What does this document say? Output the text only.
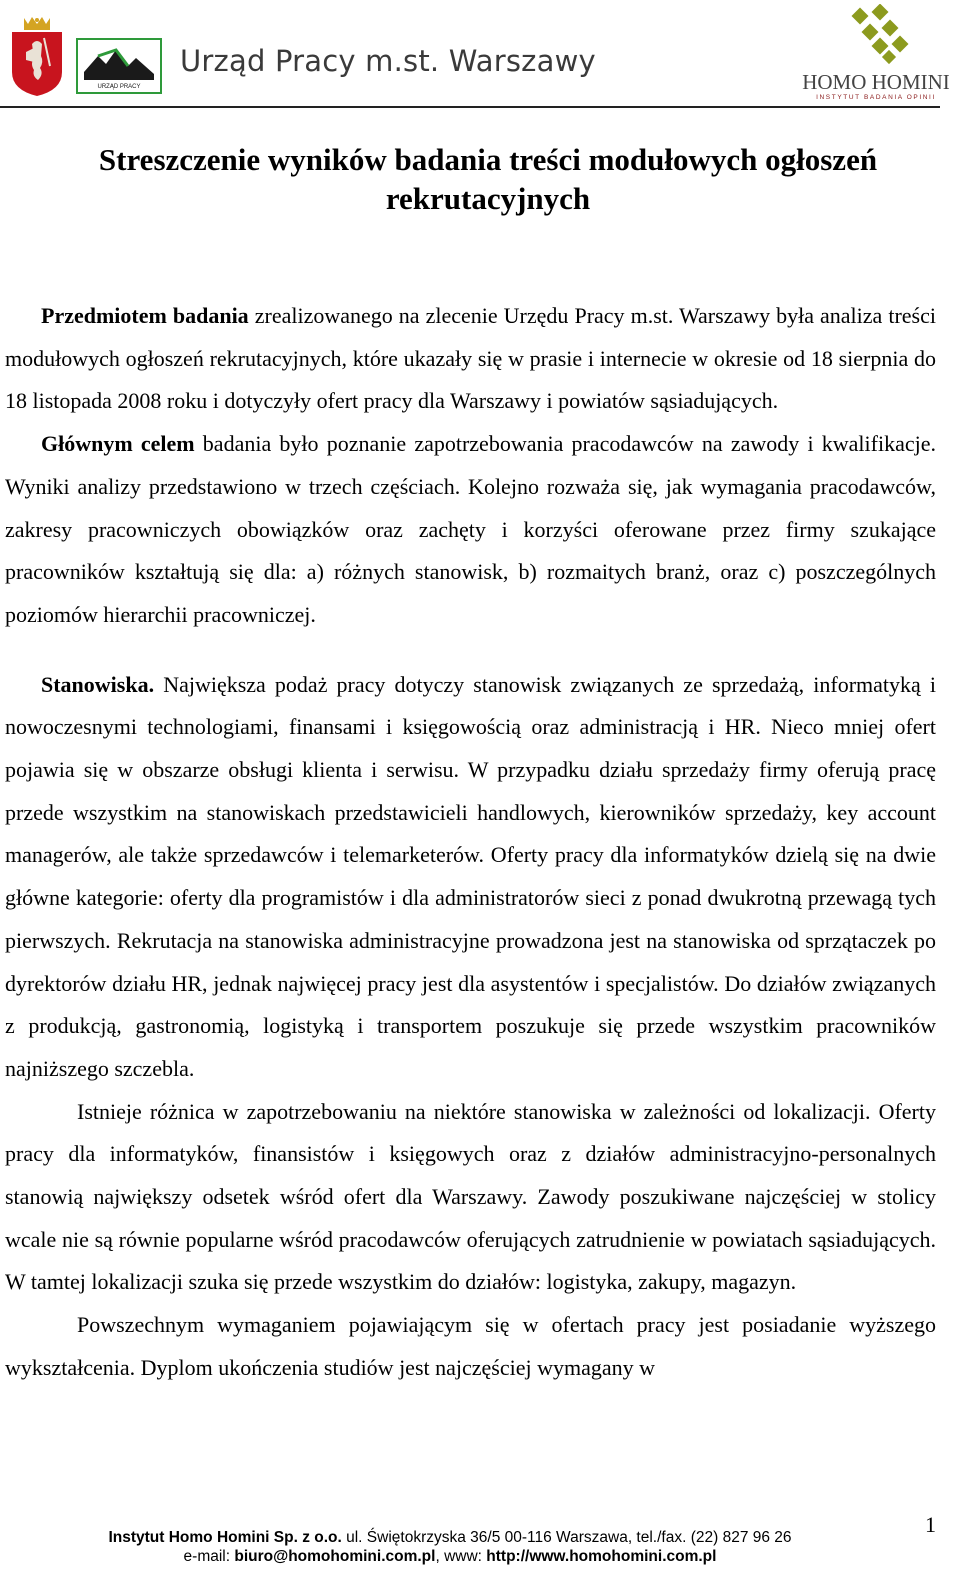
URZĄD PRACY
Urząd Pracy m.st. Warszawy
HOMO HOMINI
INSTYTUT BADANIA OPINII
Streszczenie wyników badania treści modułowych ogłoszeń
rekrutacyjnych

Przedmiotem badania zrealizowanego na zlecenie Urzędu Pracy m.st. Warszawy była analiza treści modułowych ogłoszeń rekrutacyjnych, które ukazały się w prasie i internecie w okresie od 18 sierpnia do 18 listopada 2008 roku i dotyczyły ofert pracy dla Warszawy i powiatów sąsiadujących.

Głównym celem badania było poznanie zapotrzebowania pracodawców na zawody i kwalifikacje. Wyniki analizy przedstawiono w trzech częściach. Kolejno rozważa się, jak wymagania pracodawców, zakresy pracowniczych obowiązków oraz zachęty i korzyści oferowane przez firmy szukające pracowników kształtują się dla: a) różnych stanowisk, b) rozmaitych branż, oraz c) poszczególnych poziomów hierarchii pracowniczej.

Stanowiska. Największa podaż pracy dotyczy stanowisk związanych ze sprzedażą, informatyką i nowoczesnymi technologiami, finansami i księgowością oraz administracją i HR. Nieco mniej ofert pojawia się w obszarze obsługi klienta i serwisu. W przypadku działu sprzedaży firmy oferują pracę przede wszystkim na stanowiskach przedstawicieli handlowych, kierowników sprzedaży, key account managerów, ale także sprzedawców i telemarketerów. Oferty pracy dla informatyków dzielą się na dwie główne kategorie: oferty dla programistów i dla administratorów sieci z ponad dwukrotną przewagą tych pierwszych. Rekrutacja na stanowiska administracyjne prowadzona jest na stanowiska od sprzątaczek po dyrektorów działu HR, jednak najwięcej pracy jest dla asystentów i specjalistów. Do działów związanych z produkcją, gastronomią, logistyką i transportem poszukuje się przede wszystkim pracowników najniższego szczebla.

Istnieje różnica w zapotrzebowaniu na niektóre stanowiska w zależności od lokalizacji. Oferty pracy dla informatyków, finansistów i księgowych oraz z działów administracyjno-personalnych stanowią największy odsetek wśród ofert dla Warszawy. Zawody poszukiwane najczęściej w stolicy wcale nie są równie popularne wśród pracodawców oferujących zatrudnienie w powiatach sąsiadujących. W tamtej lokalizacji szuka się przede wszystkim do działów: logistyka, zakupy, magazyn.

Powszechnym wymaganiem pojawiającym się w ofertach pracy jest posiadanie wyższego wykształcenia. Dyplom ukończenia studiów jest najczęściej wymagany w

1
Instytut Homo Homini Sp. z o.o. ul. Świętokrzyska 36/5 00-116 Warszawa, tel./fax. (22) 827 96 26
e-mail: biuro@homohomini.com.pl, www: http://www.homohomini.com.pl
